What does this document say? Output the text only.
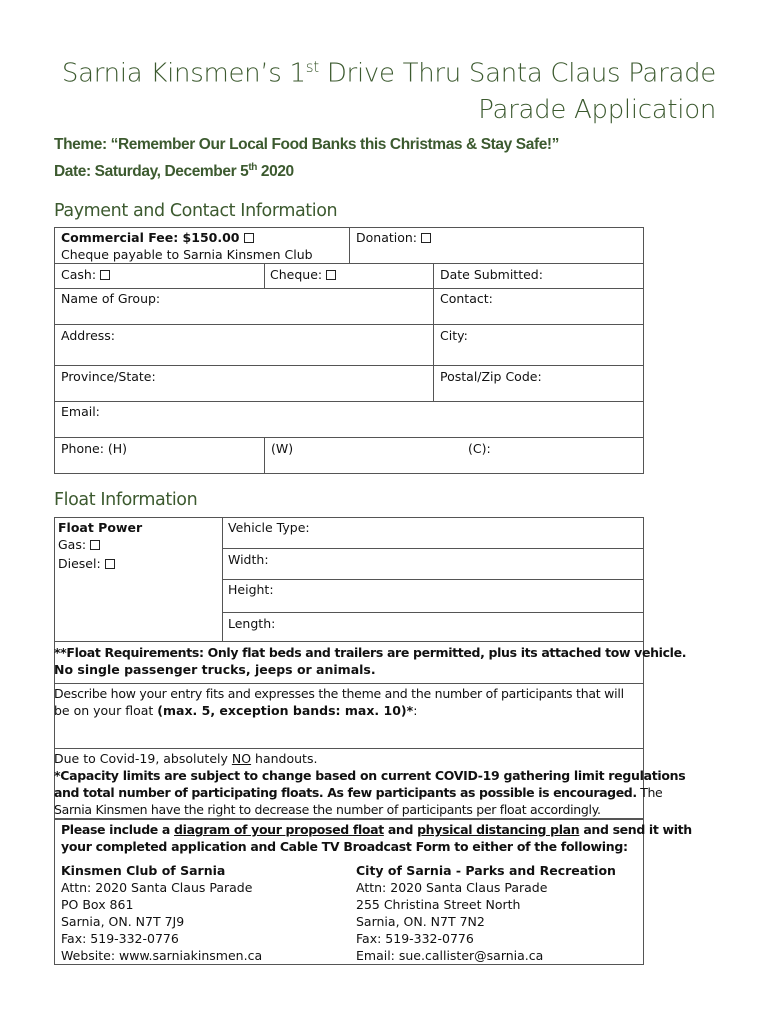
Sarnia Kinsmen’s 1st Drive Thru Santa Claus Parade
Parade Application
Theme: “Remember Our Local Food Banks this Christmas & Stay Safe!”
Date: Saturday, December 5th 2020
Payment and Contact Information
Commercial Fee: $150.00
Cheque payable to Sarnia Kinsmen Club
Donation:
Cash:	Cheque:	Date Submitted:
Name of Group:	Contact:
Address:	City:
Province/State:	Postal/Zip Code:
Email:
Phone: (H)	(W)	(C):
Float Information
Float Power
Gas:
Diesel:
Vehicle Type:
Width:
Height:
Length:
**Float Requirements: Only flat beds and trailers are permitted, plus its attached tow vehicle.
No single passenger trucks, jeeps or animals.
Describe how your entry fits and expresses the theme and the number of participants that will
be on your float (max. 5, exception bands: max. 10)*:
Due to Covid-19, absolutely NO handouts.
*Capacity limits are subject to change based on current COVID-19 gathering limit regulations
and total number of participating floats. As few participants as possible is encouraged. The
Sarnia Kinsmen have the right to decrease the number of participants per float accordingly.
Please include a diagram of your proposed float and physical distancing plan and send it with
your completed application and Cable TV Broadcast Form to either of the following:
Kinsmen Club of Sarnia
Attn: 2020 Santa Claus Parade
PO Box 861
Sarnia, ON. N7T 7J9
Fax: 519-332-0776
Website: www.sarniakinsmen.ca
City of Sarnia - Parks and Recreation
Attn: 2020 Santa Claus Parade
255 Christina Street North
Sarnia, ON. N7T 7N2
Fax: 519-332-0776
Email: sue.callister@sarnia.ca
